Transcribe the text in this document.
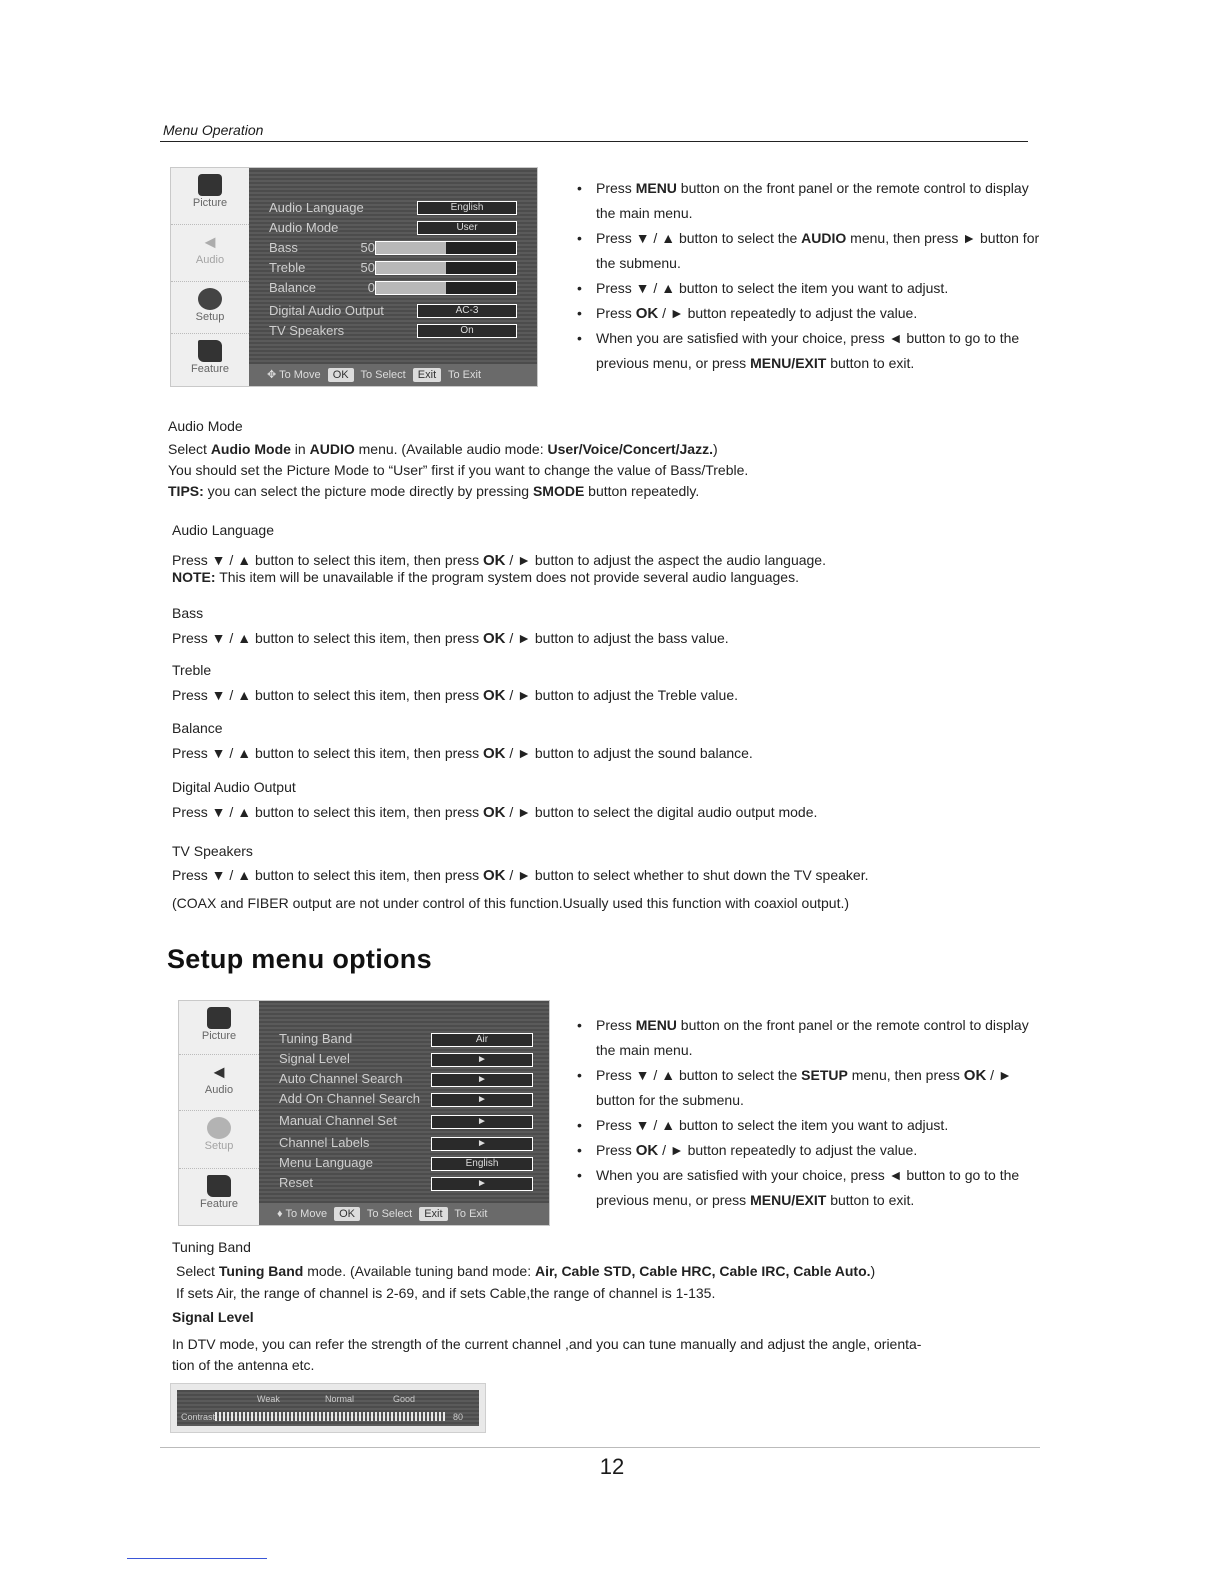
Menu Operation
Picture
◄
Audio
Setup
Feature
Audio Language	English
Audio Mode	User
Bass	50
Treble	50
Balance	0
Digital Audio Output	AC-3
TV Speakers	On
✥ To Move OK To Select Exit To Exit
• Press MENU button on the front panel or the remote control to display the main menu.
• Press ▼ / ▲ button to select the AUDIO menu, then press ► button for the submenu.
• Press ▼ / ▲ button to select the item you want to adjust.
• Press OK / ► button repeatedly to adjust the value.
• When you are satisfied with your choice, press ◄ button to go to the previous menu, or press MENU/EXIT button to exit.
Audio Mode
Select Audio Mode in AUDIO menu. (Available audio mode: User/Voice/Concert/Jazz.)
You should set the Picture Mode to “User” first if you want to change the value of Bass/Treble.
TIPS: you can select the picture mode directly by pressing SMODE button repeatedly.
Audio Language
Press ▼ / ▲ button to select this item, then press OK / ► button to adjust the aspect the audio language.
NOTE: This item will be unavailable if the program system does not provide several audio languages.
Bass
Press ▼ / ▲ button to select this item, then press OK / ► button to adjust the bass value.
Treble
Press ▼ / ▲ button to select this item, then press OK / ► button to adjust the Treble value.
Balance
Press ▼ / ▲ button to select this item, then press OK / ► button to adjust the sound balance.
Digital Audio Output
Press ▼ / ▲ button to select this item, then press OK / ► button to select the digital audio output mode.
TV Speakers
Press ▼ / ▲ button to select this item, then press OK / ► button to select whether to shut down the TV speaker.
(COAX and FIBER output are not under control of this function.Usually used this function with coaxiol output.)
Setup menu options
Picture
◄
Audio
Setup
Feature
Tuning Band	Air
Signal Level	►
Auto Channel Search	►
Add On Channel Search	►
Manual Channel Set	►
Channel Labels	►
Menu Language	English
Reset	►
♦ To Move OK To Select Exit To Exit
• Press MENU button on the front panel or the remote control to display the main menu.
• Press ▼ / ▲ button to select the SETUP menu, then press OK / ► button for the submenu.
• Press ▼ / ▲ button to select the item you want to adjust.
• Press OK / ► button repeatedly to adjust the value.
• When you are satisfied with your choice, press ◄ button to go to the previous menu, or press MENU/EXIT button to exit.
Tuning Band
Select Tuning Band mode. (Available tuning band mode: Air, Cable STD, Cable HRC, Cable IRC, Cable Auto.)
If sets Air, the range of channel is 2-69, and if sets Cable,the range of channel is 1-135.
Signal Level
In DTV mode, you can refer the strength of the current channel ,and you can tune manually and adjust the angle, orienta-
tion of the antenna etc.
Weak	Normal	Good
Contrast	80
12
